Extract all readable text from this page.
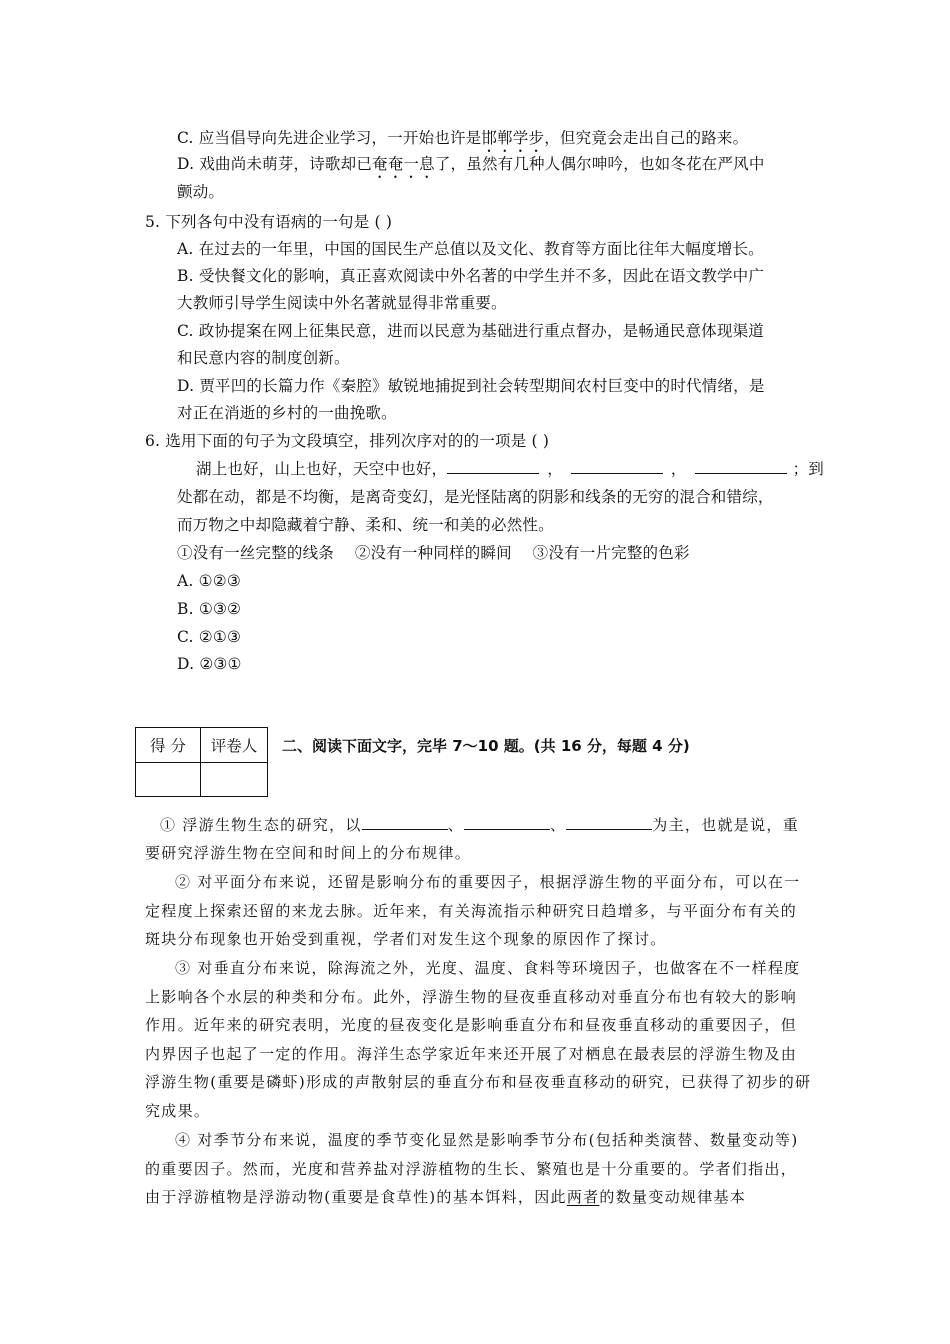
C. 应当倡导向先进企业学习，一开始也许是邯郸学步，但究竟会走出自己的路来。
D. 戏曲尚未萌芽，诗歌却已奄奄一息了，虽然有几种人偶尔呻吟，也如冬花在严风中
颤动。
5. 下列各句中没有语病的一句是 ( )
A. 在过去的一年里，中国的国民生产总值以及文化、教育等方面比往年大幅度增长。
B. 受快餐文化的影响，真正喜欢阅读中外名著的中学生并不多，因此在语文教学中广
大教师引导学生阅读中外名著就显得非常重要。
C. 政协提案在网上征集民意，进而以民意为基础进行重点督办，是畅通民意体现渠道
和民意内容的制度创新。
D. 贾平凹的长篇力作《秦腔》敏锐地捕捉到社会转型期间农村巨变中的时代情绪，是
对正在消逝的乡村的一曲挽歌。
6. 选用下面的句子为文段填空，排列次序对的的一项是 ( )
湖上也好，山上也好，天空中也好，	，	，	；到
处都在动，都是不均衡，是离奇变幻，是光怪陆离的阴影和线条的无穷的混合和错综，
而万物之中却隐藏着宁静、柔和、统一和美的必然性。
①没有一丝完整的线条　 ②没有一种同样的瞬间　 ③没有一片完整的色彩
A. ①②③
B. ①③②
C. ②①③
D. ②③①
得 分	评卷人
	二、阅读下面文字，完毕 7～10 题。(共 16 分，每题 4 分)
① 浮游生物生态的研究，以	、	、	为主，也就是说，重
要研究浮游生物在空间和时间上的分布规律。
② 对平面分布来说，还留是影响分布的重要因子，根据浮游生物的平面分布，可以在一定程度上探索还留的来龙去脉。近年来，有关海流指示种研究日趋增多，与平面分布有关的斑块分布现象也开始受到重视，学者们对发生这个现象的原因作了探讨。
③ 对垂直分布来说，除海流之外，光度、温度、食料等环境因子，也做客在不一样程度上影响各个水层的种类和分布。此外，浮游生物的昼夜垂直移动对垂直分布也有较大的影响作用。近年来的研究表明，光度的昼夜变化是影响垂直分布和昼夜垂直移动的重要因子，但内界因子也起了一定的作用。海洋生态学家近年来还开展了对栖息在最表层的浮游生物及由浮游生物(重要是磷虾)形成的声散射层的垂直分布和昼夜垂直移动的研究，已获得了初步的研究成果。
④ 对季节分布来说，温度的季节变化显然是影响季节分布(包括种类演替、数量变动等)的重要因子。然而，光度和营养盐对浮游植物的生长、繁殖也是十分重要的。学者们指出，由于浮游植物是浮游动物(重要是食草性)的基本饵料，因此两者的数量变动规律基本
